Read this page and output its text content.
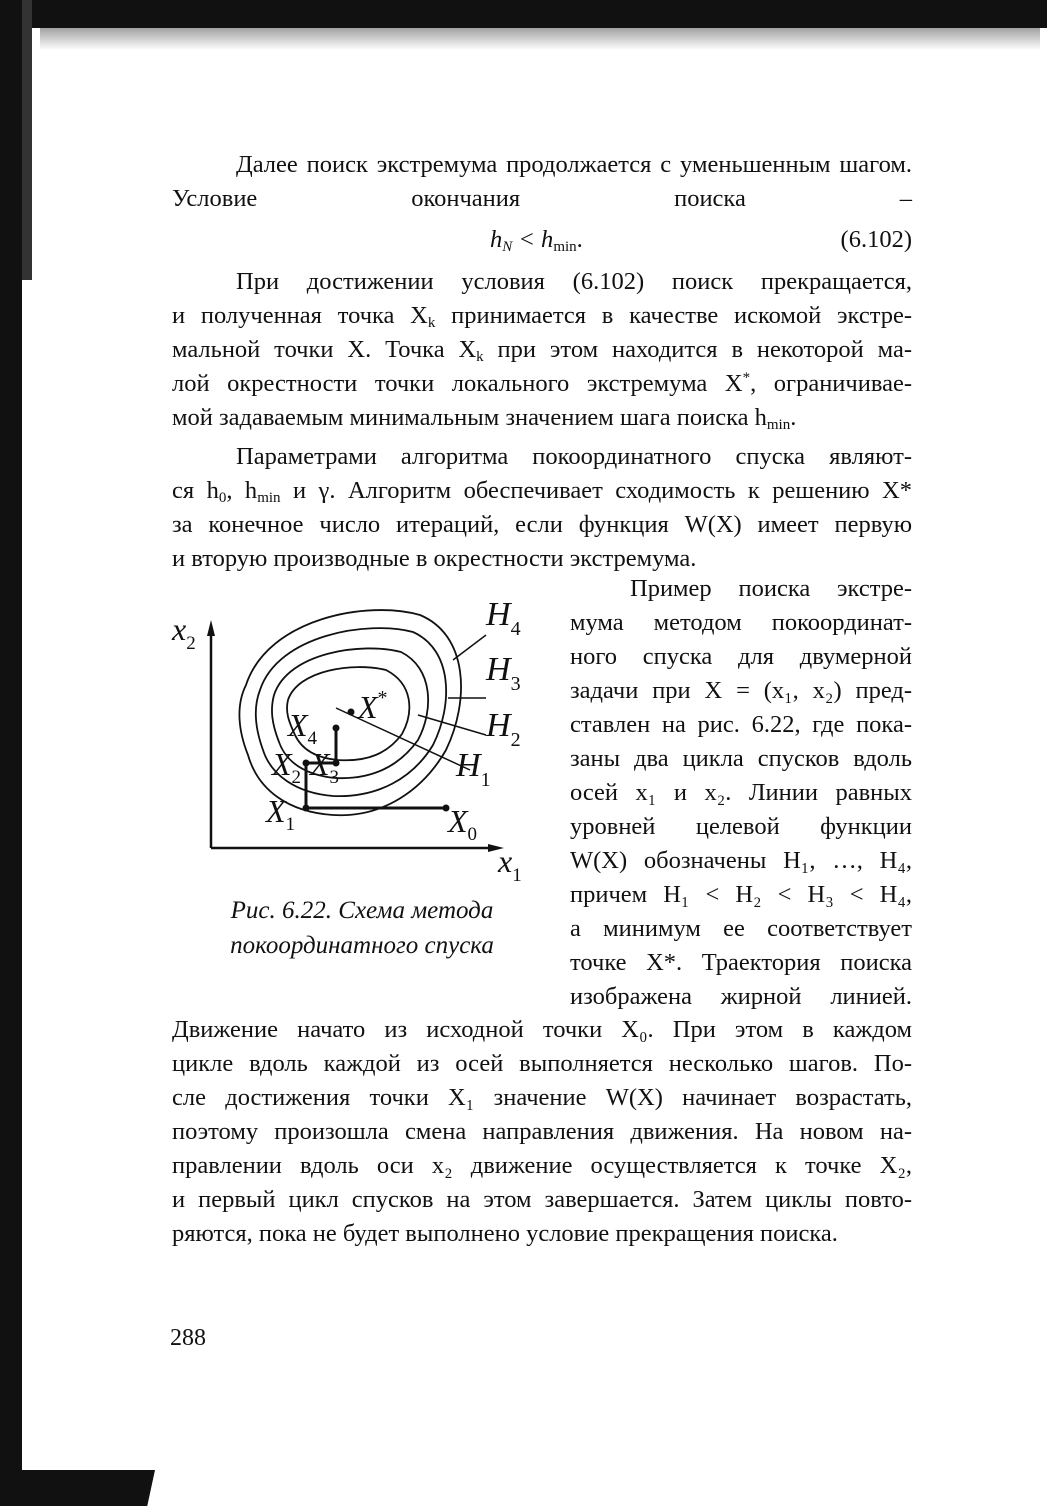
Далее поиск экстремума продолжается с уменьшенным шагом. Условие окончания поиска –

$h_N < h_{min}$.	(6.102)
При достижении условия (6.102) поиск прекращается,
и полученная точка $X_k$ принимается в качестве искомой экстре-
мальной точки X. Точка $X_k$ при этом находится в некоторой ма-
лой окрестности точки локального экстремума X*, ограничивае-
мой задаваемым минимальным значением шага поиска $h_{min}$.
Параметрами алгоритма покоординатного спуска являют-
ся $h_0$, $h_{min}$ и γ. Алгоритм обеспечивает сходимость к решению X*
за конечное число итераций, если функция W(X) имеет первую
и вторую производные в окрестности экстремума.
Пример поиска экстре-
мума методом покоординат-
ного спуска для двумерной
задачи при X = (x₁, x₂) пред-
ставлен на рис. 6.22, где пока-
заны два цикла спусков вдоль
осей x₁ и x₂. Линии равных
уровней целевой функции
W(X) обозначены H₁, …, H₄,
причем H₁ < H₂ < H₃ < H₄,
а минимум ее соответствует
точке X*. Траектория поиска
изображена жирной линией.
$x_2$
$x_1$
$H_4$
$H_3$
$H_2$
$H_1$
$X_0$
$X_1$
$X_2$ $X_3$
$X_4$
X*
Рис. 6.22. Схема метода
покоординатного спуска
Движение начато из исходной точки X₀. При этом в каждом
цикле вдоль каждой из осей выполняется несколько шагов. По-
сле достижения точки X₁ значение W(X) начинает возрастать,
поэтому произошла смена направления движения. На новом на-
правлении вдоль оси x₂ движение осуществляется к точке X₂,
и первый цикл спусков на этом завершается. Затем циклы повто-
ряются, пока не будет выполнено условие прекращения поиска.
288
